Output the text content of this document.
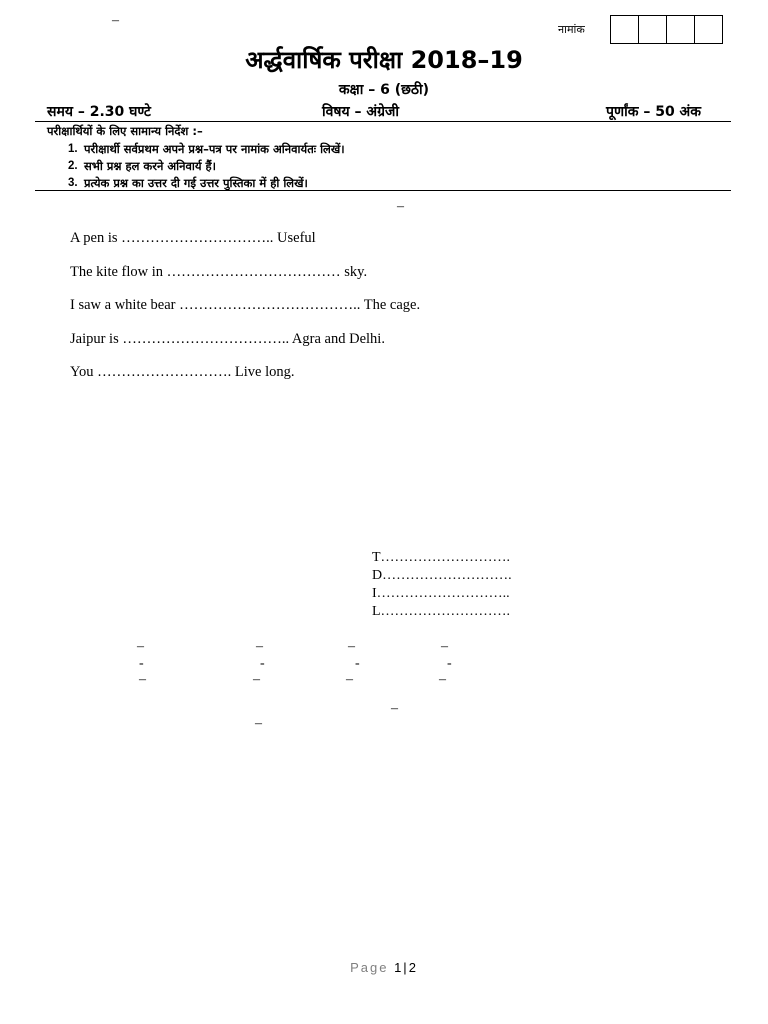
–
नामांक
अर्द्धवार्षिक परीक्षा 2018–19
कक्षा – 6 (छठी)
समय – 2.30 घण्टे	विषय – अंग्रेजी	पूर्णांक – 50 अंक
परीक्षार्थियों के लिए सामान्य निर्देश :–
1. परीक्षार्थी सर्वप्रथम अपने प्रश्न–पत्र पर नामांक अनिवार्यतः लिखें।
2. सभी प्रश्न हल करने अनिवार्य हैं।
3. प्रत्येक प्रश्न का उत्तर दी गई उत्तर पुस्तिका में ही लिखें।
–
A pen is ………………………….. Useful
The kite flow in ……………………………… sky.
I saw a white bear ……………………………….. The cage.
Jaipur is …………………………….. Agra and Delhi.
You ………………………. Live long.
T……………………….
D……………………….
I………………………..
L……………………….
–	–	–	–
-	-	-	-
–	–	–	–
–
–
Page 1|2
